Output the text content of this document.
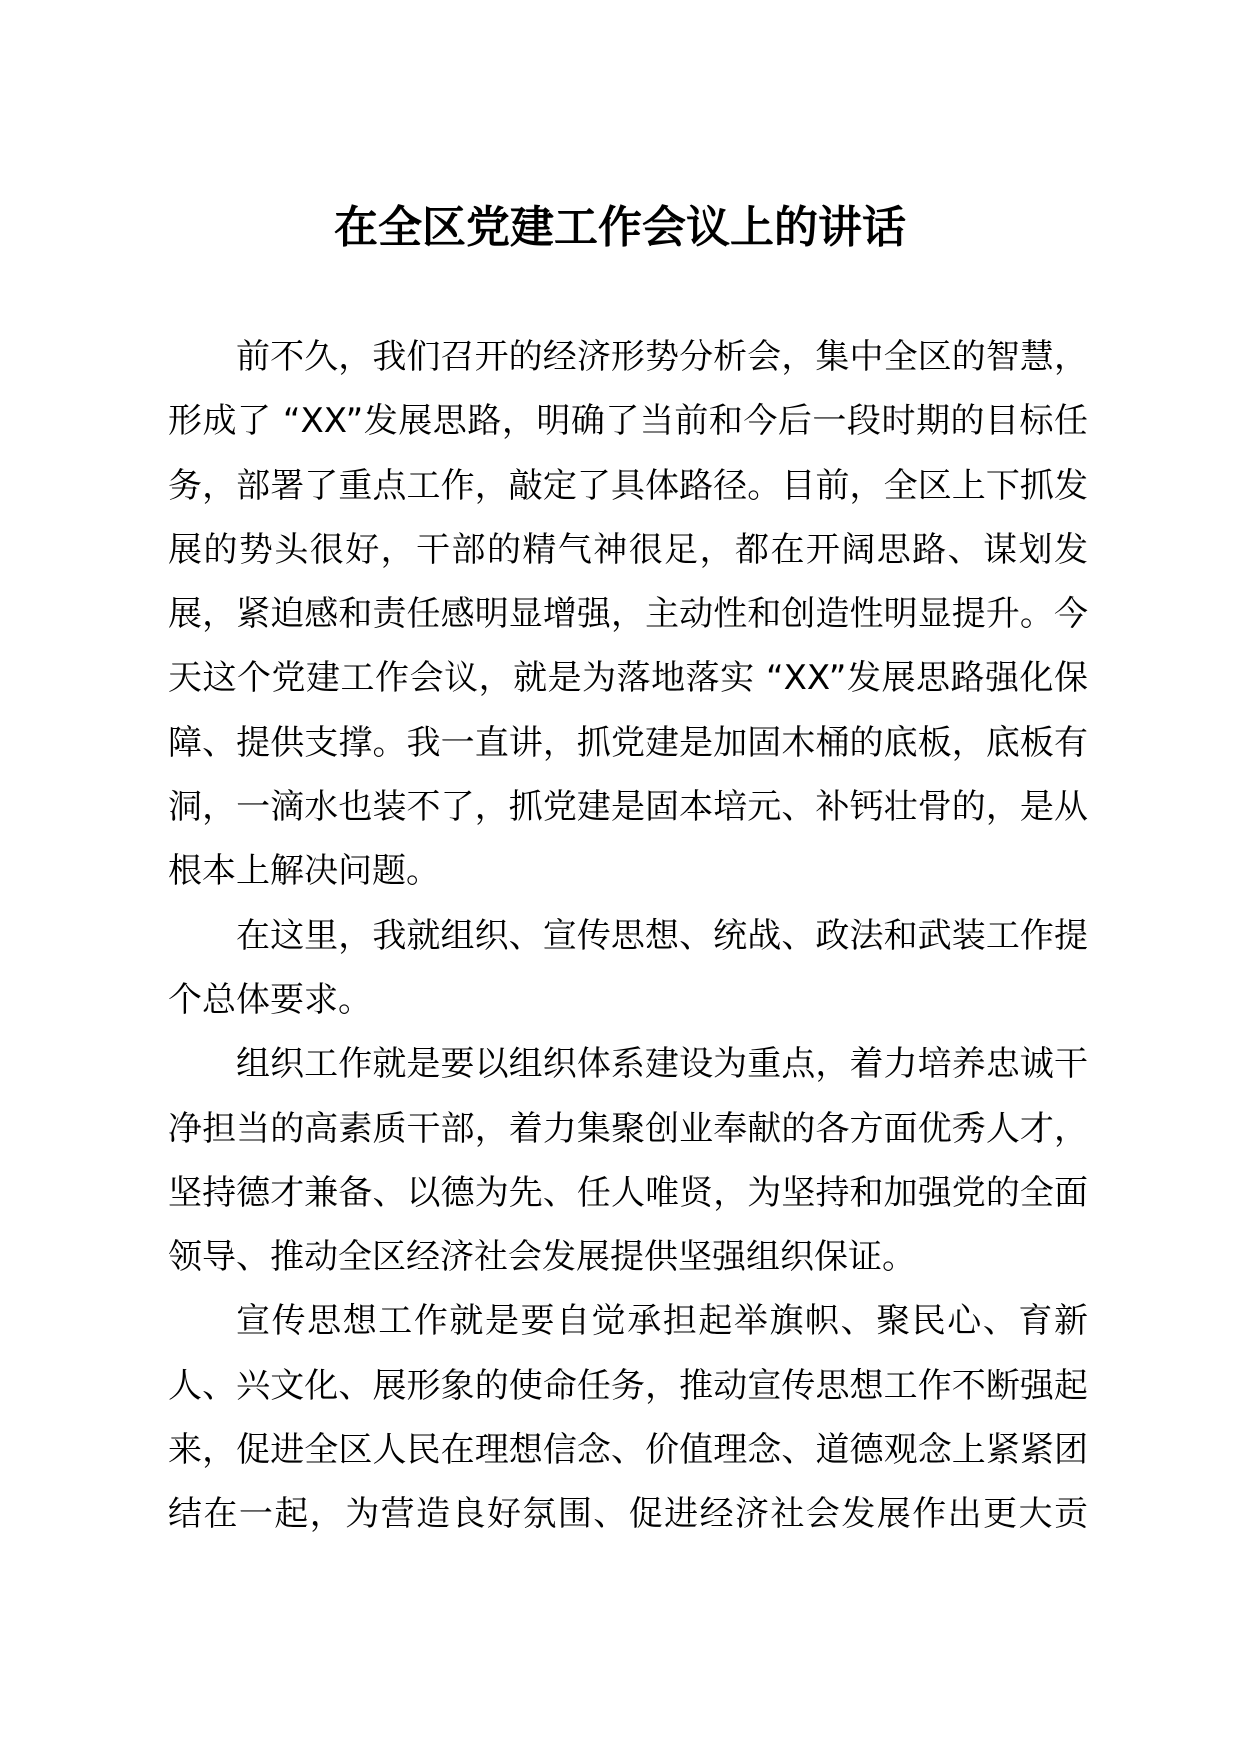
在全区党建工作会议上的讲话
前不久，我们召开的经济形势分析会，集中全区的智慧，
形成了 “XX”发展思路，明确了当前和今后一段时期的目标任
务，部署了重点工作，敲定了具体路径。目前，全区上下抓发
展的势头很好，干部的精气神很足，都在开阔思路、谋划发
展，紧迫感和责任感明显增强，主动性和创造性明显提升。今
天这个党建工作会议，就是为落地落实 “XX”发展思路强化保
障、提供支撑。我一直讲，抓党建是加固木桶的底板，底板有
洞，一滴水也装不了，抓党建是固本培元、补钙壮骨的，是从
根本上解决问题。
在这里，我就组织、宣传思想、统战、政法和武装工作提
个总体要求。
组织工作就是要以组织体系建设为重点，着力培养忠诚干
净担当的高素质干部，着力集聚创业奉献的各方面优秀人才，
坚持德才兼备、以德为先、任人唯贤，为坚持和加强党的全面
领导、推动全区经济社会发展提供坚强组织保证。
宣传思想工作就是要自觉承担起举旗帜、聚民心、育新
人、兴文化、展形象的使命任务，推动宣传思想工作不断强起
来，促进全区人民在理想信念、价值理念、道德观念上紧紧团
结在一起，为营造良好氛围、促进经济社会发展作出更大贡
